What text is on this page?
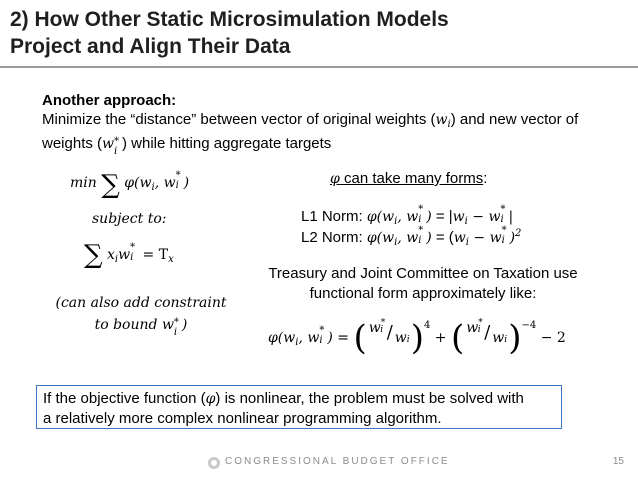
2) How Other Static Microsimulation Models
Project and Align Their Data
Another approach:
Minimize the “distance” between vector of original weights $(w_i)$ and new vector of
weights (w *
i ) while hitting aggregate targets
min ∑ $\varphi(w_i$, w *
i )
subject to:
∑ $x_iw$ *
$i = T_x$
(can also add constraint
to bound w *
i )
φ can take many forms:
L1 Norm: $\varphi(w_i$, w *
i ) = $|w_i - w$ *
i |
L2 Norm: $\varphi(w_i$, w *
i ) = ($w_i - w$ *
i )$^2$
Treasury and Joint Committee on Taxation use
functional form approximately like:
$\varphi(w_i$, w *
i ) = ( w*i / wi )$^4$ + ( w*i / wi )$^{-4}$ − 2
If the objective function (φ) is nonlinear, the problem must be solved with
a relatively more complex nonlinear programming algorithm.
CONGRESSIONAL BUDGET OFFICE	15
